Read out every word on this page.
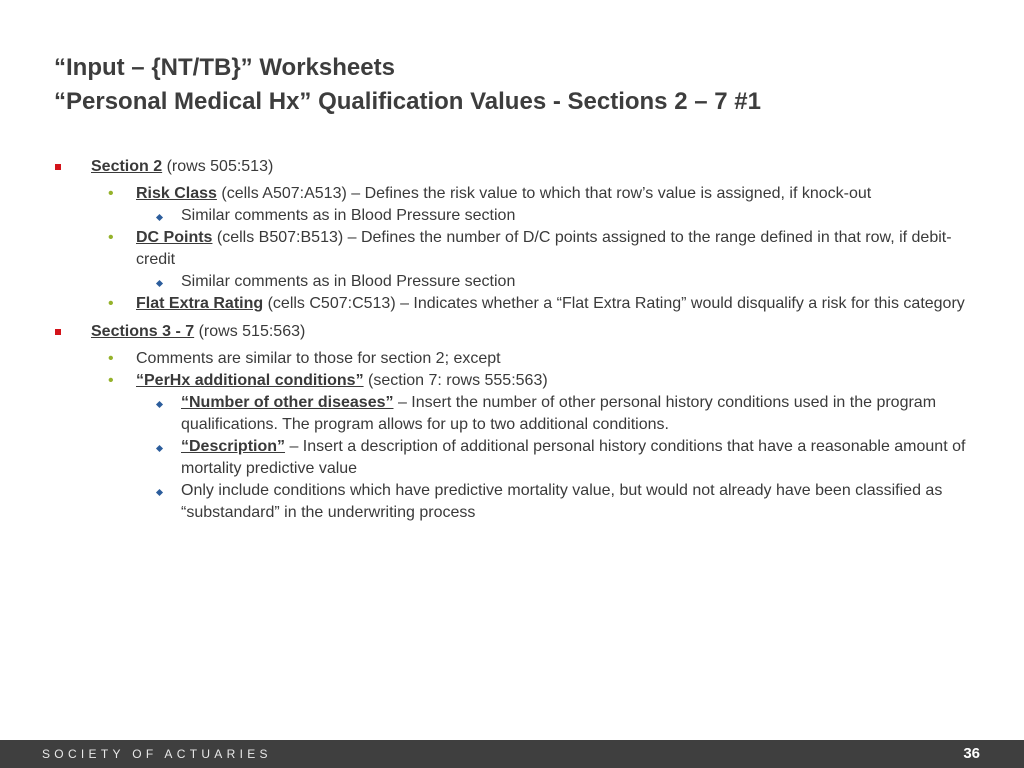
“Input – {NT/TB}” Worksheets
“Personal Medical Hx” Qualification Values - Sections 2 – 7 #1
Section 2 (rows 505:513)
• Risk Class (cells A507:A513) – Defines the risk value to which that row’s value is assigned, if knock-out
Similar comments as in Blood Pressure section
• DC Points (cells B507:B513) – Defines the number of D/C points assigned to the range defined in that row, if debit-credit
Similar comments as in Blood Pressure section
• Flat Extra Rating (cells C507:C513) – Indicates whether a “Flat Extra Rating” would disqualify a risk for this category
Sections 3 - 7 (rows 515:563)
• Comments are similar to those for section 2; except
• “PerHx additional conditions” (section 7: rows 555:563)
“Number of other diseases” – Insert the number of other personal history conditions used in the program qualifications. The program allows for up to two additional conditions.
“Description” – Insert a description of additional personal history conditions that have a reasonable amount of mortality predictive value
Only include conditions which have predictive mortality value, but would not already have been classified as “substandard” in the underwriting process
SOCIETY OF ACTUARIES	36
